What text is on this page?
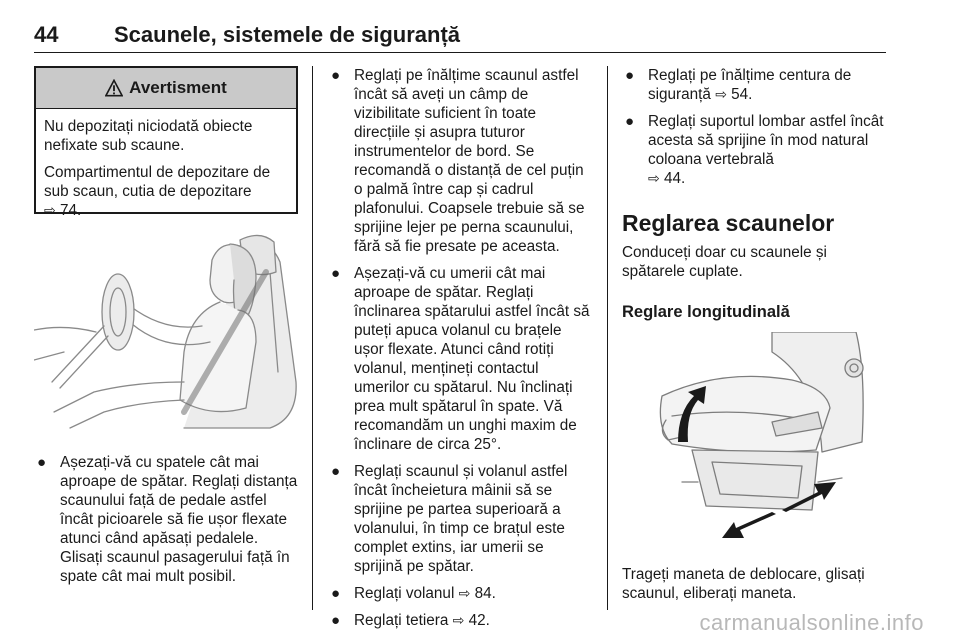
44	Scaunele, sistemele de siguranță
Avertisment

Nu depozitați niciodată obiecte nefixate sub scaune.

Compartimentul de depozitare de sub scaun, cutia de depozitare
⇨ 74.

● Așezați-vă cu spatele cât mai aproape de spătar. Reglați distanța scaunului față de pedale astfel încât picioarele să fie ușor flexate atunci când apăsați pedalele. Glisați scaunul pasagerului față în spate cât mai mult posibil.
● Reglați pe înălțime scaunul astfel încât să aveți un câmp de vizibilitate suficient în toate direcțiile și asupra tuturor instrumentelor de bord. Se recomandă o distanță de cel puțin o palmă între cap și cadrul plafonului. Coapsele trebuie să se sprijine lejer pe perna scaunului, fără să fie presate pe aceasta.
● Așezați-vă cu umerii cât mai aproape de spătar. Reglați înclinarea spătarului astfel încât să puteți apuca volanul cu brațele ușor flexate. Atunci când rotiți volanul, mențineți contactul umerilor cu spătarul. Nu înclinați prea mult spătarul în spate. Vă recomandăm un unghi maxim de înclinare de circa 25°.
● Reglați scaunul și volanul astfel încât încheietura mâinii să se sprijine pe partea superioară a volanului, în timp ce brațul este complet extins, iar umerii se sprijină pe spătar.
● Reglați volanul ⇨ 84.
● Reglați tetiera ⇨ 42.
● Reglați pe înălțime centura de siguranță ⇨ 54.
● Reglați suportul lombar astfel încât acesta să sprijine în mod natural coloana vertebrală
⇨ 44.
Reglarea scaunelor

Conduceți doar cu scaunele și spătarele cuplate.

Reglare longitudinală

Trageți maneta de deblocare, glisați scaunul, eliberați maneta.

carmanualsonline.info
